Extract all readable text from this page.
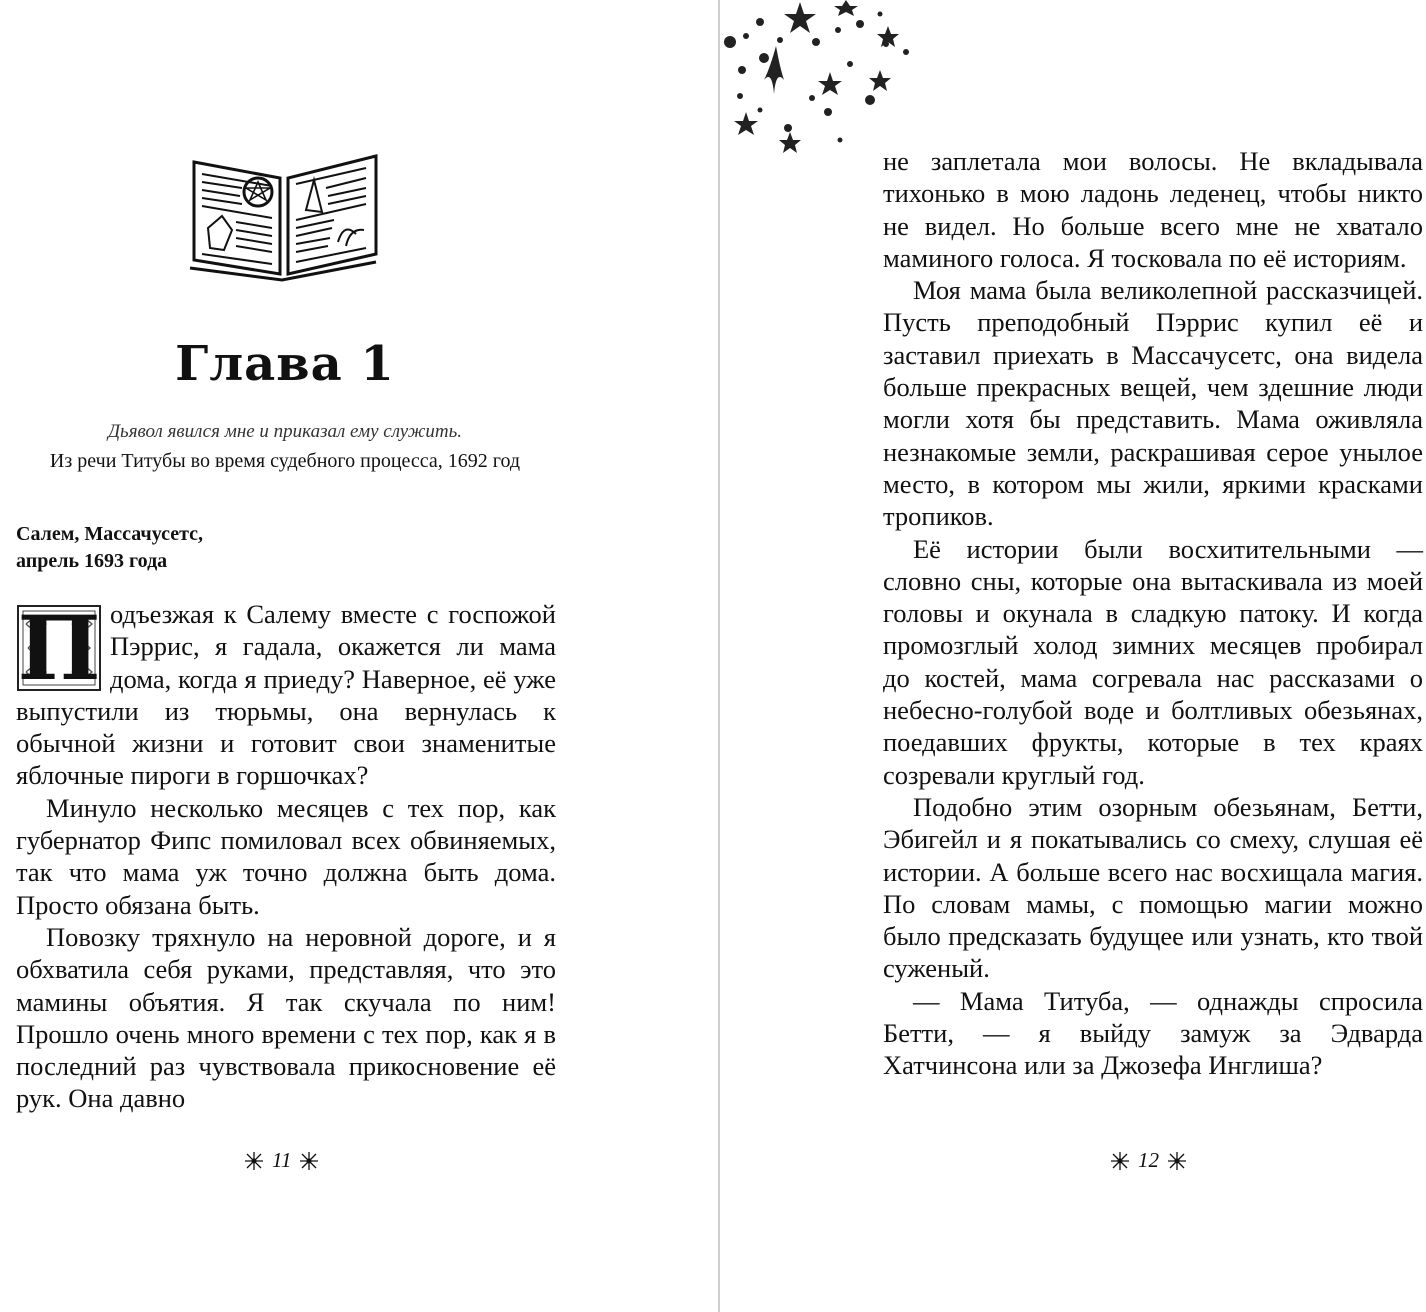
Глава 1
Дьявол явился мне и приказал ему служить.
Из речи Титубы во время судебного процесса, 1692 год
Салем, Массачусетс,
апрель 1693 года

П одъезжая к Салему вместе с госпожой Пэррис, я гадала, окажется ли мама дома, когда я приеду? Наверное, её уже выпустили из тюрьмы, она вернулась к обычной жизни и готовит свои знаменитые яблочные пироги в горшочках?

Минуло несколько месяцев с тех пор, как губернатор Фипс помиловал всех обвиняемых, так что мама уж точно должна быть дома. Просто обязана быть.

Повозку тряхнуло на неровной дороге, и я обхватила себя руками, представляя, что это мамины объятия. Я так скучала по ним! Прошло очень много времени с тех пор, как я в последний раз чувствовала прикосновение её рук. Она давно

11

не заплетала мои волосы. Не вкладывала тихонько в мою ладонь леденец, чтобы никто не видел. Но больше всего мне не хватало маминого голоса. Я тосковала по её историям.

Моя мама была великолепной рассказчицей. Пусть преподобный Пэррис купил её и заставил приехать в Массачусетс, она видела больше прекрасных вещей, чем здешние люди могли хотя бы представить. Мама оживляла незнакомые земли, раскрашивая серое унылое место, в котором мы жили, яркими красками тропиков.

Её истории были восхитительными — словно сны, которые она вытаскивала из моей головы и окунала в сладкую патоку. И когда промозглый холод зимних месяцев пробирал до костей, мама согревала нас рассказами о небесно-голубой воде и болтливых обезьянах, поедавших фрукты, которые в тех краях созревали круглый год.

Подобно этим озорным обезьянам, Бетти, Эбигейл и я покатывались со смеху, слушая её истории. А больше всего нас восхищала магия. По словам мамы, с помощью магии можно было предсказать будущее или узнать, кто твой суженый.

— Мама Титуба, — однажды спросила Бетти, — я выйду замуж за Эдварда Хатчинсона или за Джозефа Инглиша?

12
